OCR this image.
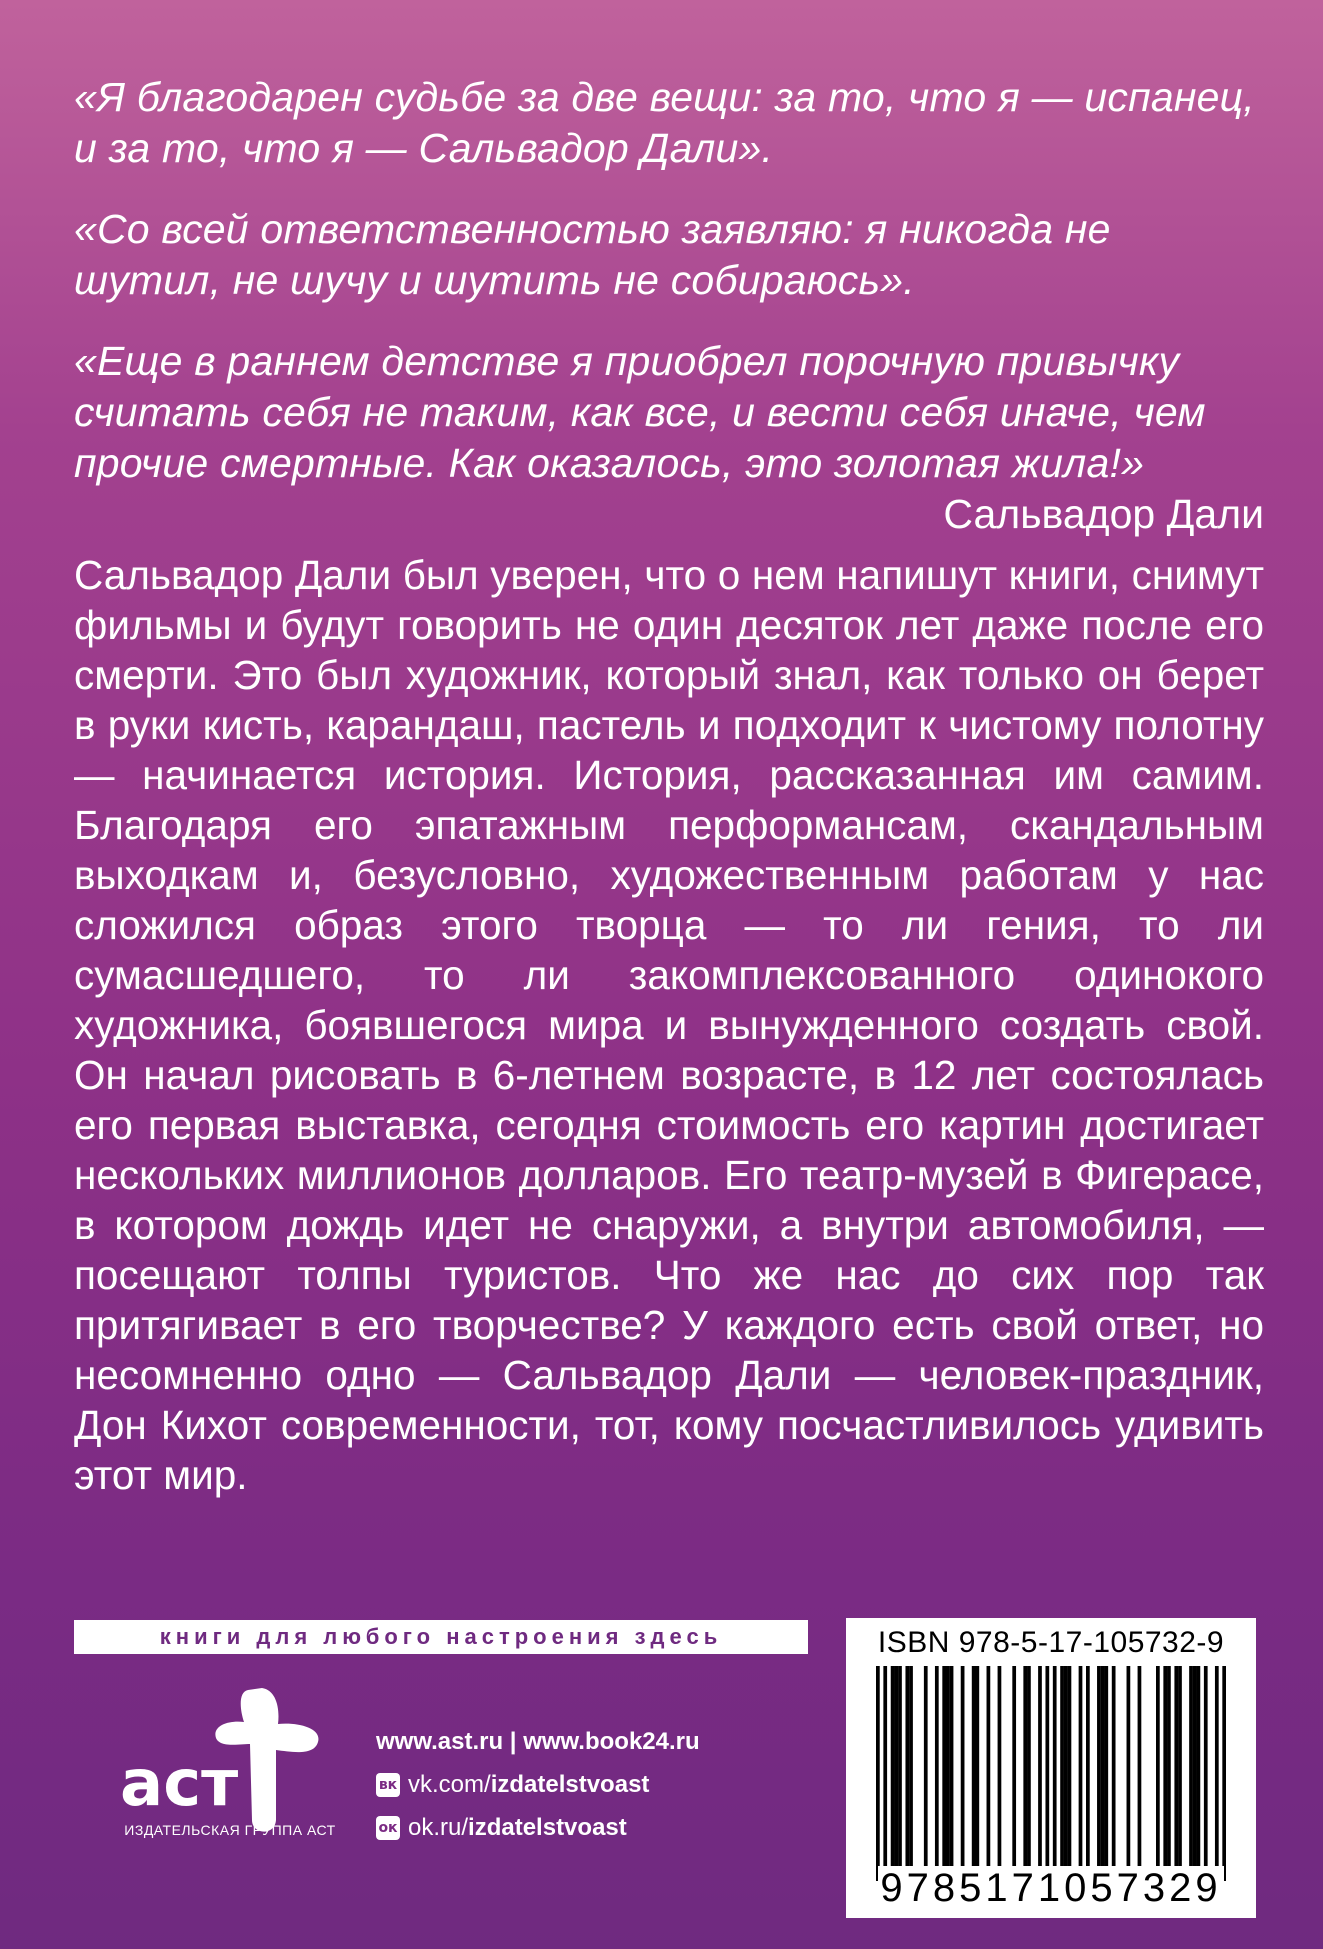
«Я благодарен судьбе за две вещи: за то, что я — испанец, и за то, что я — Сальвадор Дали».

«Со всей ответственностью заявляю: я никогда не шутил, не шучу и шутить не собираюсь».

«Еще в раннем детстве я приобрел порочную привычку считать себя не таким, как все, и вести себя иначе, чем прочие смертные. Как оказалось, это золотая жила!»

Сальвадор Дали

Сальвадор Дали был уверен, что о нем напишут книги, снимут фильмы и будут говорить не один десяток лет даже после его смерти. Это был художник, который знал, как только он берет в руки кисть, карандаш, пастель и подходит к чистому полотну — начинается история. История, рассказанная им самим. Благодаря его эпатажным перформансам, скандальным выходкам и, безусловно, художественным работам у нас сложился образ этого творца — то ли гения, то ли сумасшедшего, то ли закомплексованного одинокого художника, боявшегося мира и вынужденного создать свой. Он начал рисовать в 6-летнем возрасте, в 12 лет состоялась его первая выставка, сегодня стоимость его картин достигает нескольких миллионов долларов. Его театр-музей в Фигерасе, в котором дождь идет не снаружи, а внутри автомобиля, — посещают толпы туристов. Что же нас до сих пор так притягивает в его творчестве? У каждого есть свой ответ, но несомненно одно — Сальвадор Дали — человек-праздник, Дон Кихот современности, тот, кому посчастливилось удивить этот мир.

книги для любого настроения здесь
аст
ИЗДАТЕЛЬСКАЯ ГРУППА АСТ
www.ast.ru | www.book24.ru
вк vk.com/ izdatelstvoast
ок ok.ru/ izdatelstvoast
ISBN 978-5-17-105732-9
9785171057329
